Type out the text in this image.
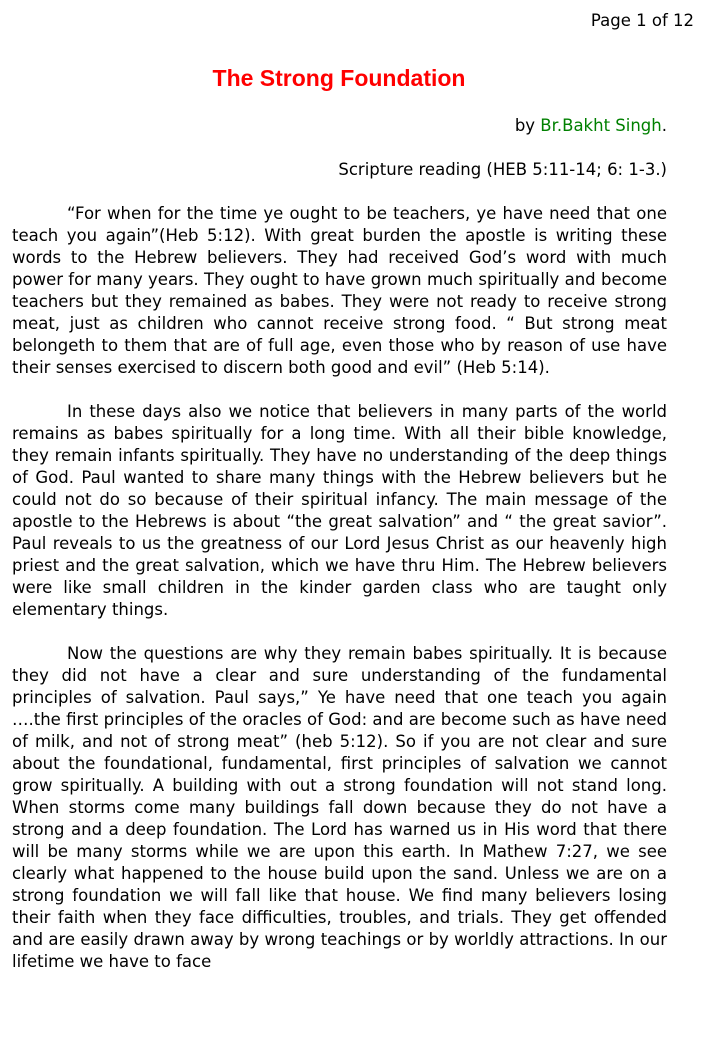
Page 1 of 12
The Strong Foundation
by Br.Bakht Singh.
Scripture reading (HEB 5:11-14; 6: 1-3.)

“For when for the time ye ought to be teachers, ye have need that one teach you again”(Heb 5:12). With great burden the apostle is writing these words to the Hebrew believers. They had received God’s word with much power for many years. They ought to have grown much spiritually and become teachers but they remained as babes. They were not ready to receive strong meat, just as children who cannot receive strong food. “ But strong meat belongeth to them that are of full age, even those who by reason of use have their senses exercised to discern both good and evil” (Heb 5:14).

In these days also we notice that believers in many parts of the world remains as babes spiritually for a long time. With all their bible knowledge, they remain infants spiritually. They have no understanding of the deep things of God. Paul wanted to share many things with the Hebrew believers but he could not do so because of their spiritual infancy. The main message of the apostle to the Hebrews is about “the great salvation” and “ the great savior”. Paul reveals to us the greatness of our Lord Jesus Christ as our heavenly high priest and the great salvation, which we have thru Him. The Hebrew believers were like small children in the kinder garden class who are taught only elementary things.

Now the questions are why they remain babes spiritually. It is because they did not have a clear and sure understanding of the fundamental principles of salvation. Paul says,” Ye have need that one teach you again ….the first principles of the oracles of God: and are become such as have need of milk, and not of strong meat” (heb 5:12). So if you are not clear and sure about the foundational, fundamental, first principles of salvation we cannot grow spiritually. A building with out a strong foundation will not stand long. When storms come many buildings fall down because they do not have a strong and a deep foundation. The Lord has warned us in His word that there will be many storms while we are upon this earth. In Mathew 7:27, we see clearly what happened to the house build upon the sand. Unless we are on a strong foundation we will fall like that house. We find many believers losing their faith when they face difficulties, troubles, and trials. They get offended and are easily drawn away by wrong teachings or by worldly attractions. In our lifetime we have to face
